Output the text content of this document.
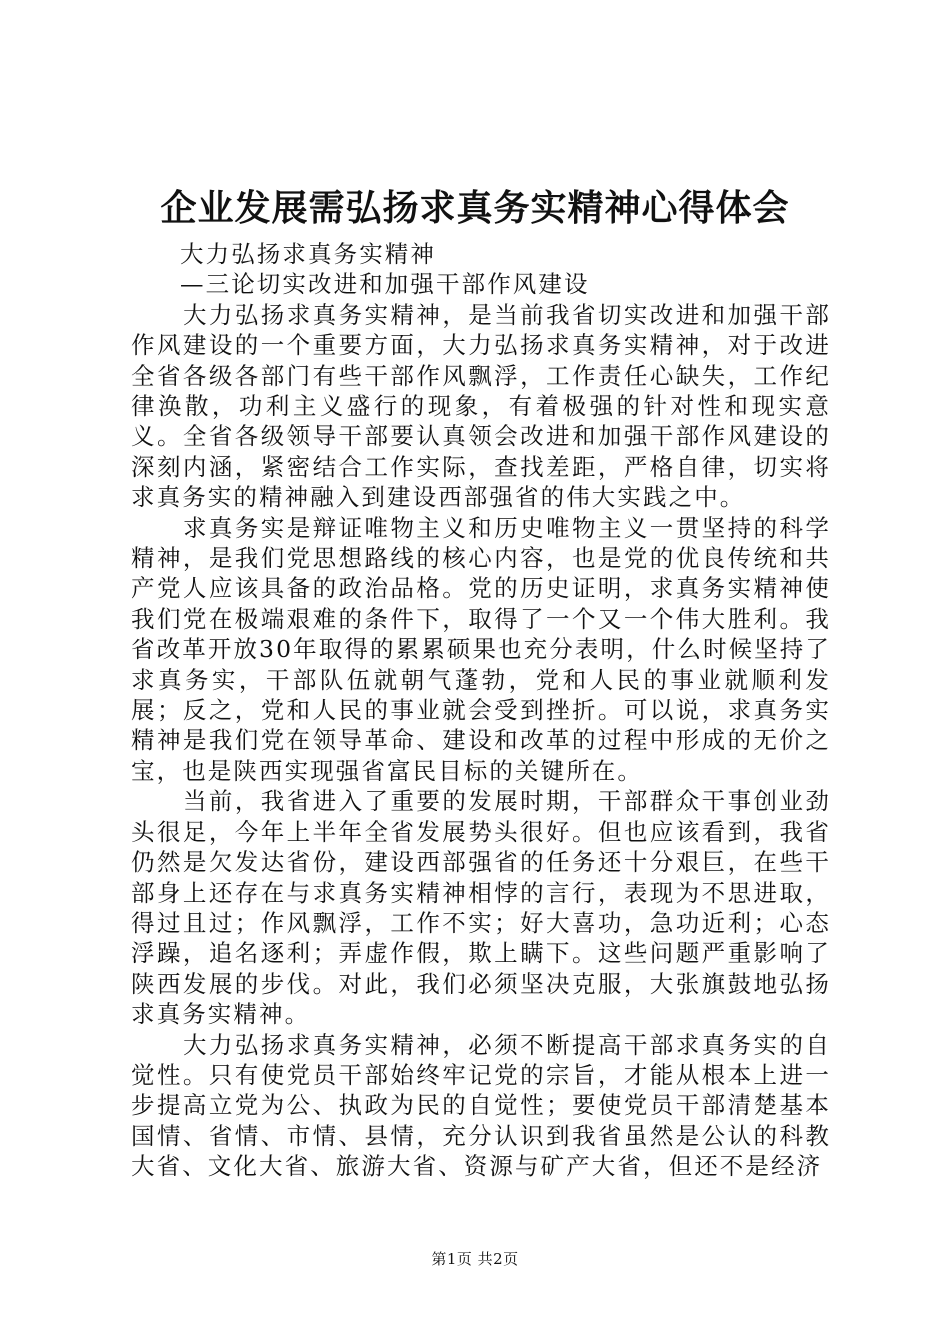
企业发展需弘扬求真务实精神心得体会
大力弘扬求真务实精神
—三论切实改进和加强干部作风建设

大力弘扬求真务实精神，是当前我省切实改进和加强干部作风建设的一个重要方面，大力弘扬求真务实精神，对于改进全省各级各部门有些干部作风飘浮，工作责任心缺失，工作纪律涣散，功利主义盛行的现象，有着极强的针对性和现实意义。全省各级领导干部要认真领会改进和加强干部作风建设的深刻内涵，紧密结合工作实际，查找差距，严格自律，切实将求真务实的精神融入到建设西部强省的伟大实践之中。

求真务实是辩证唯物主义和历史唯物主义一贯坚持的科学精神，是我们党思想路线的核心内容，也是党的优良传统和共产党人应该具备的政治品格。党的历史证明，求真务实精神使我们党在极端艰难的条件下，取得了一个又一个伟大胜利。我省改革开放30年取得的累累硕果也充分表明，什么时候坚持了求真务实，干部队伍就朝气蓬勃，党和人民的事业就顺利发展；反之，党和人民的事业就会受到挫折。可以说，求真务实精神是我们党在领导革命、建设和改革的过程中形成的无价之宝，也是陕西实现强省富民目标的关键所在。

当前，我省进入了重要的发展时期，干部群众干事创业劲头很足，今年上半年全省发展势头很好。但也应该看到，我省仍然是欠发达省份，建设西部强省的任务还十分艰巨，在些干部身上还存在与求真务实精神相悖的言行，表现为不思进取，得过且过；作风飘浮，工作不实；好大喜功，急功近利；心态浮躁，追名逐利；弄虚作假，欺上瞒下。这些问题严重影响了陕西发展的步伐。对此，我们必须坚决克服，大张旗鼓地弘扬求真务实精神。

大力弘扬求真务实精神，必须不断提高干部求真务实的自觉性。只有使党员干部始终牢记党的宗旨，才能从根本上进一步提高立党为公、执政为民的自觉性；要使党员干部清楚基本国情、省情、市情、县情，充分认识到我省虽然是公认的科教大省、文化大省、旅游大省、资源与矿产大省，但还不是经济

第1页 共2页
